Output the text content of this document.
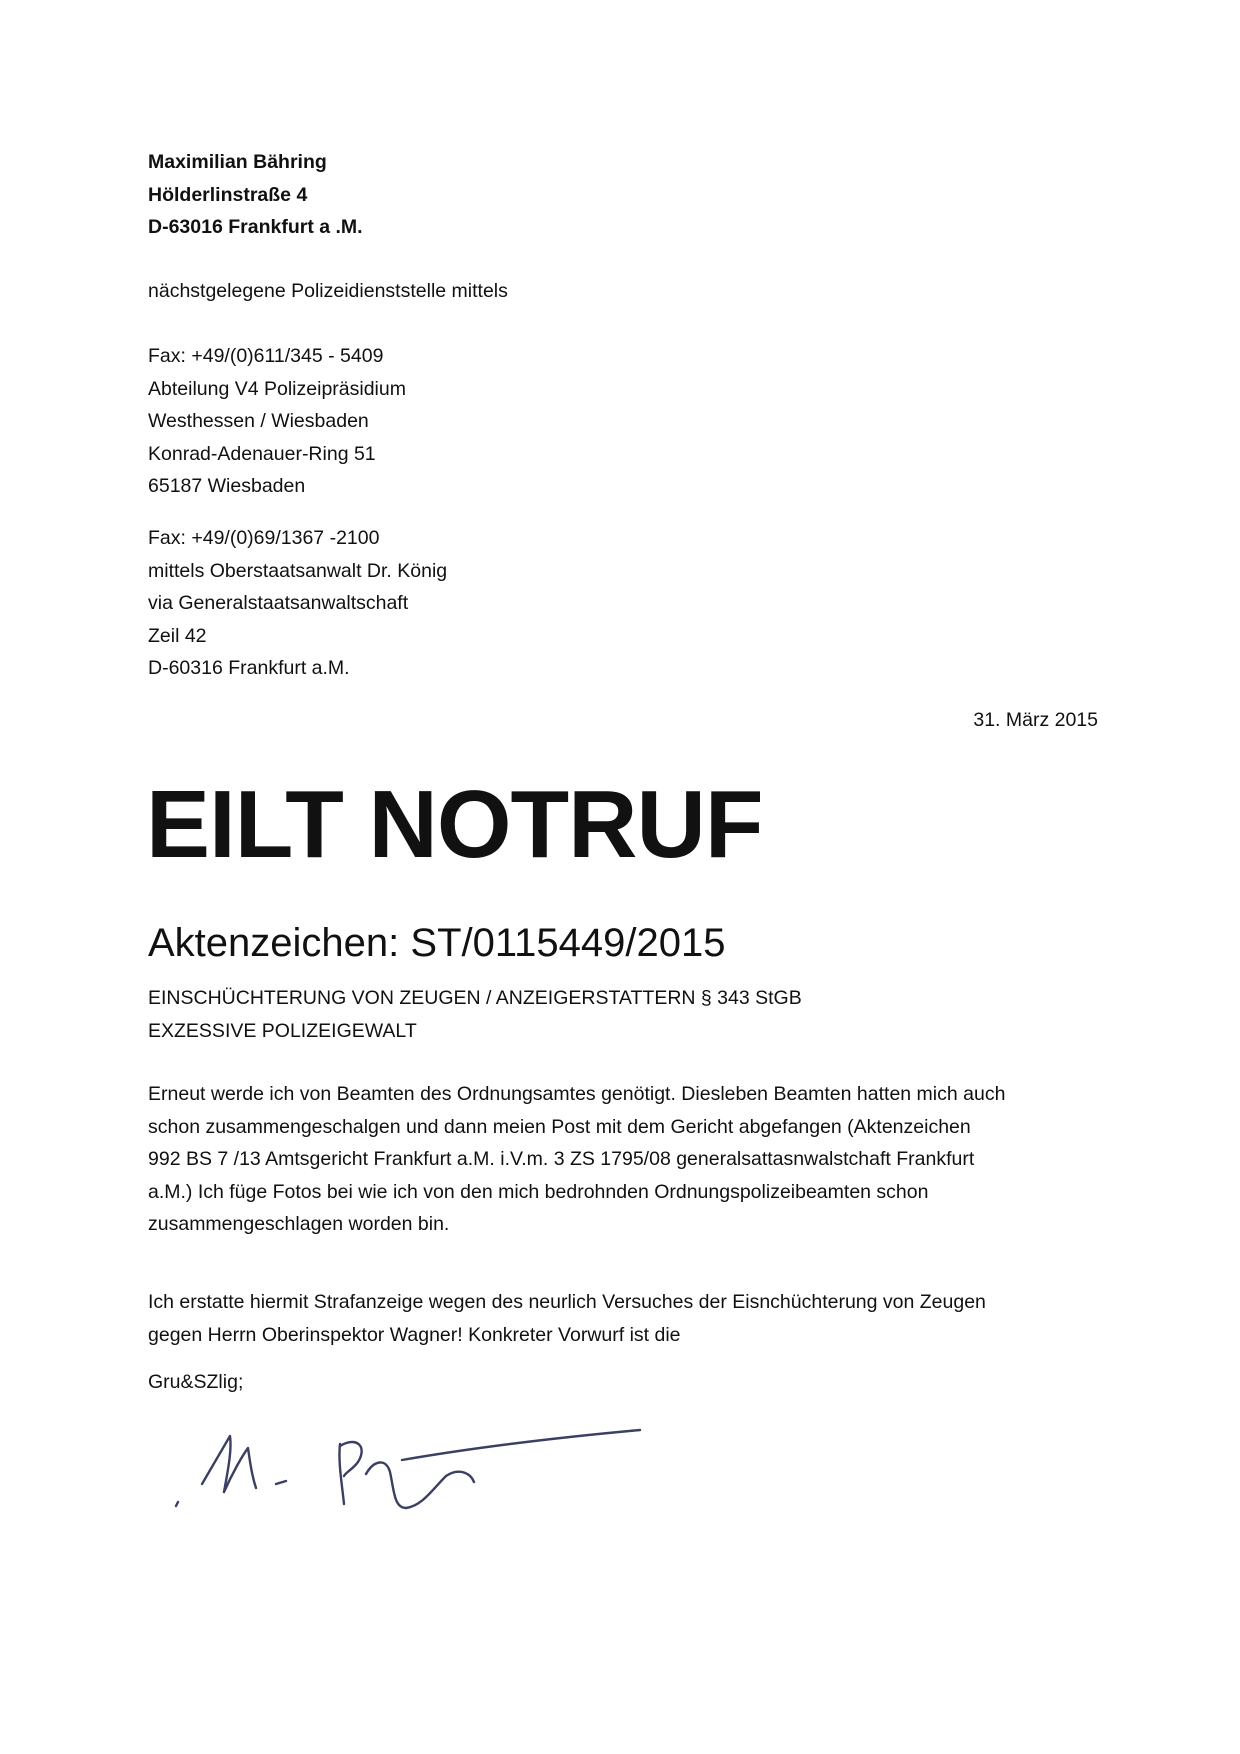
Maximilian Bähring
Hölderlinstraße 4
D-63016 Frankfurt a .M.
nächstgelegene Polizeidienststelle mittels
Fax: +49/(0)611/345 - 5409
Abteilung V4 Polizeipräsidium
Westhessen / Wiesbaden
Konrad-Adenauer-Ring 51
65187 Wiesbaden
Fax: +49/(0)69/1367 -2100
mittels Oberstaatsanwalt Dr. König
via Generalstaatsanwaltschaft
Zeil 42
D-60316 Frankfurt a.M.
31. März 2015
EILT NOTRUF
Aktenzeichen: ST/0115449/2015
EINSCHÜCHTERUNG VON ZEUGEN / ANZEIGERSTATTERN § 343 StGB
EXZESSIVE POLIZEIGEWALT
Erneut werde ich von Beamten des Ordnungsamtes genötigt. Diesleben Beamten hatten mich auch
schon zusammengeschalgen und dann meien Post mit dem Gericht abgefangen (Aktenzeichen
992 BS 7 /13 Amtsgericht Frankfurt a.M. i.V.m. 3 ZS 1795/08 generalsattasnwalstchaft Frankfurt
a.M.) Ich füge Fotos bei wie ich von den mich bedrohnden Ordnungspolizeibeamten schon
zusammengeschlagen worden bin.
Ich erstatte hiermit Strafanzeige wegen des neurlich Versuches der Eisnchüchterung von Zeugen
gegen Herrn Oberinspektor Wagner! Konkreter Vorwurf ist die
Gru&SZlig;
